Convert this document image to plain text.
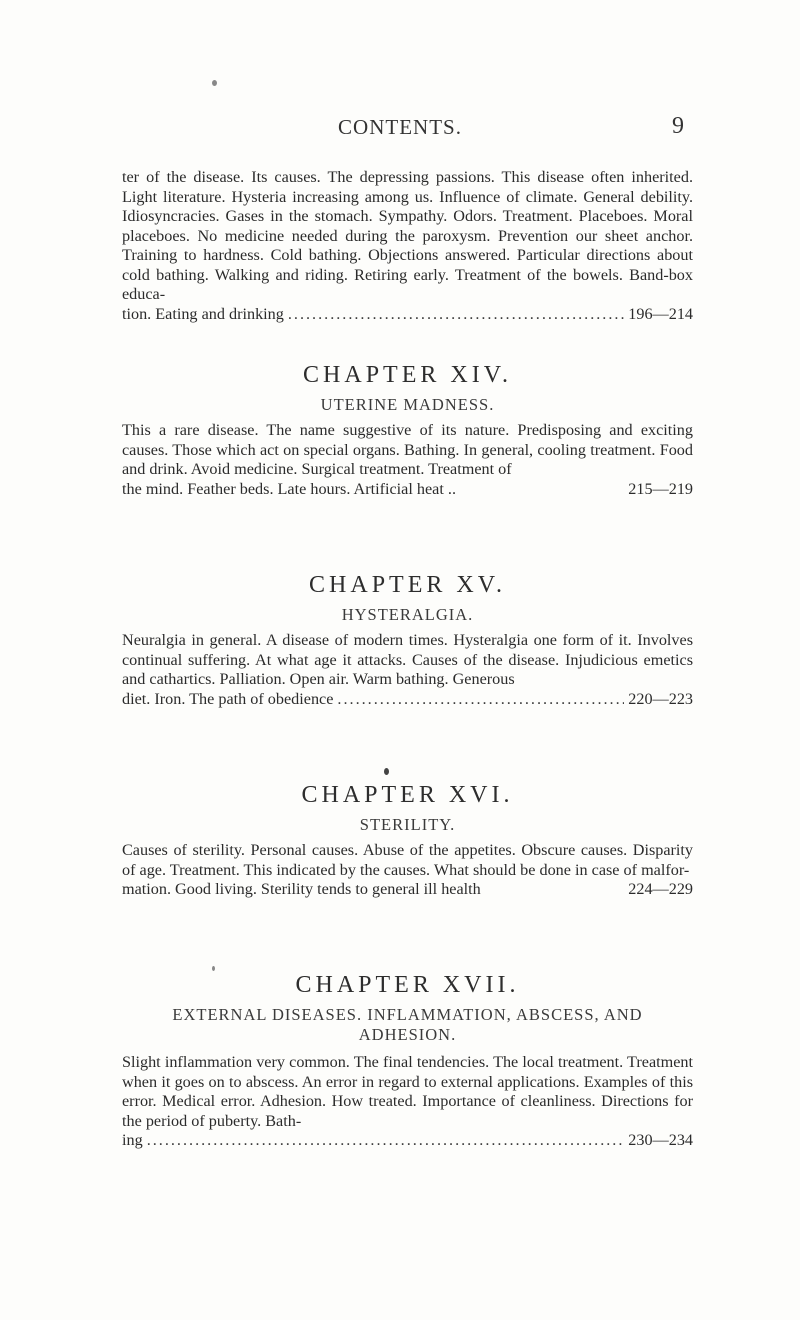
CONTENTS.	9

ter of the disease. Its causes. The depressing passions. This disease often inherited. Light literature. Hysteria increasing among us. Influence of climate. General debility. Idiosyncracies. Gases in the stomach. Sympathy. Odors. Treatment. Placeboes. Moral placeboes. No medicine needed during the paroxysm. Prevention our sheet anchor. Training to hardness. Cold bathing. Objections answered. Particular directions about cold bathing. Walking and riding. Retiring early. Treatment of the bowels. Band-box educa-

tion. Eating and drinking .....	196—214
CHAPTER XIV.
UTERINE MADNESS.

This a rare disease. The name suggestive of its nature. Predisposing and exciting causes. Those which act on special organs. Bathing. In general, cooling treatment. Food and drink. Avoid medicine. Surgical treatment. Treatment of

the mind. Feather beds. Late hours. Artificial heat ..	215—219
CHAPTER XV.
HYSTERALGIA.

Neuralgia in general. A disease of modern times. Hysteralgia one form of it. Involves continual suffering. At what age it attacks. Causes of the disease. Injudicious emetics and cathartics. Palliation. Open air. Warm bathing. Generous

diet. Iron. The path of obedience .....	220—223
CHAPTER XVI.
STERILITY.

Causes of sterility. Personal causes. Abuse of the appetites. Obscure causes. Disparity of age. Treatment. This indicated by the causes. What should be done in case of malfor-

mation. Good living. Sterility tends to general ill health	224—229
CHAPTER XVII.
EXTERNAL DISEASES. INFLAMMATION, ABSCESS, AND ADHESION.

Slight inflammation very common. The final tendencies. The local treatment. Treatment when it goes on to abscess. An error in regard to external applications. Examples of this error. Medical error. Adhesion. How treated. Importance of cleanliness. Directions for the period of puberty. Bath-

ing .....	230—234
